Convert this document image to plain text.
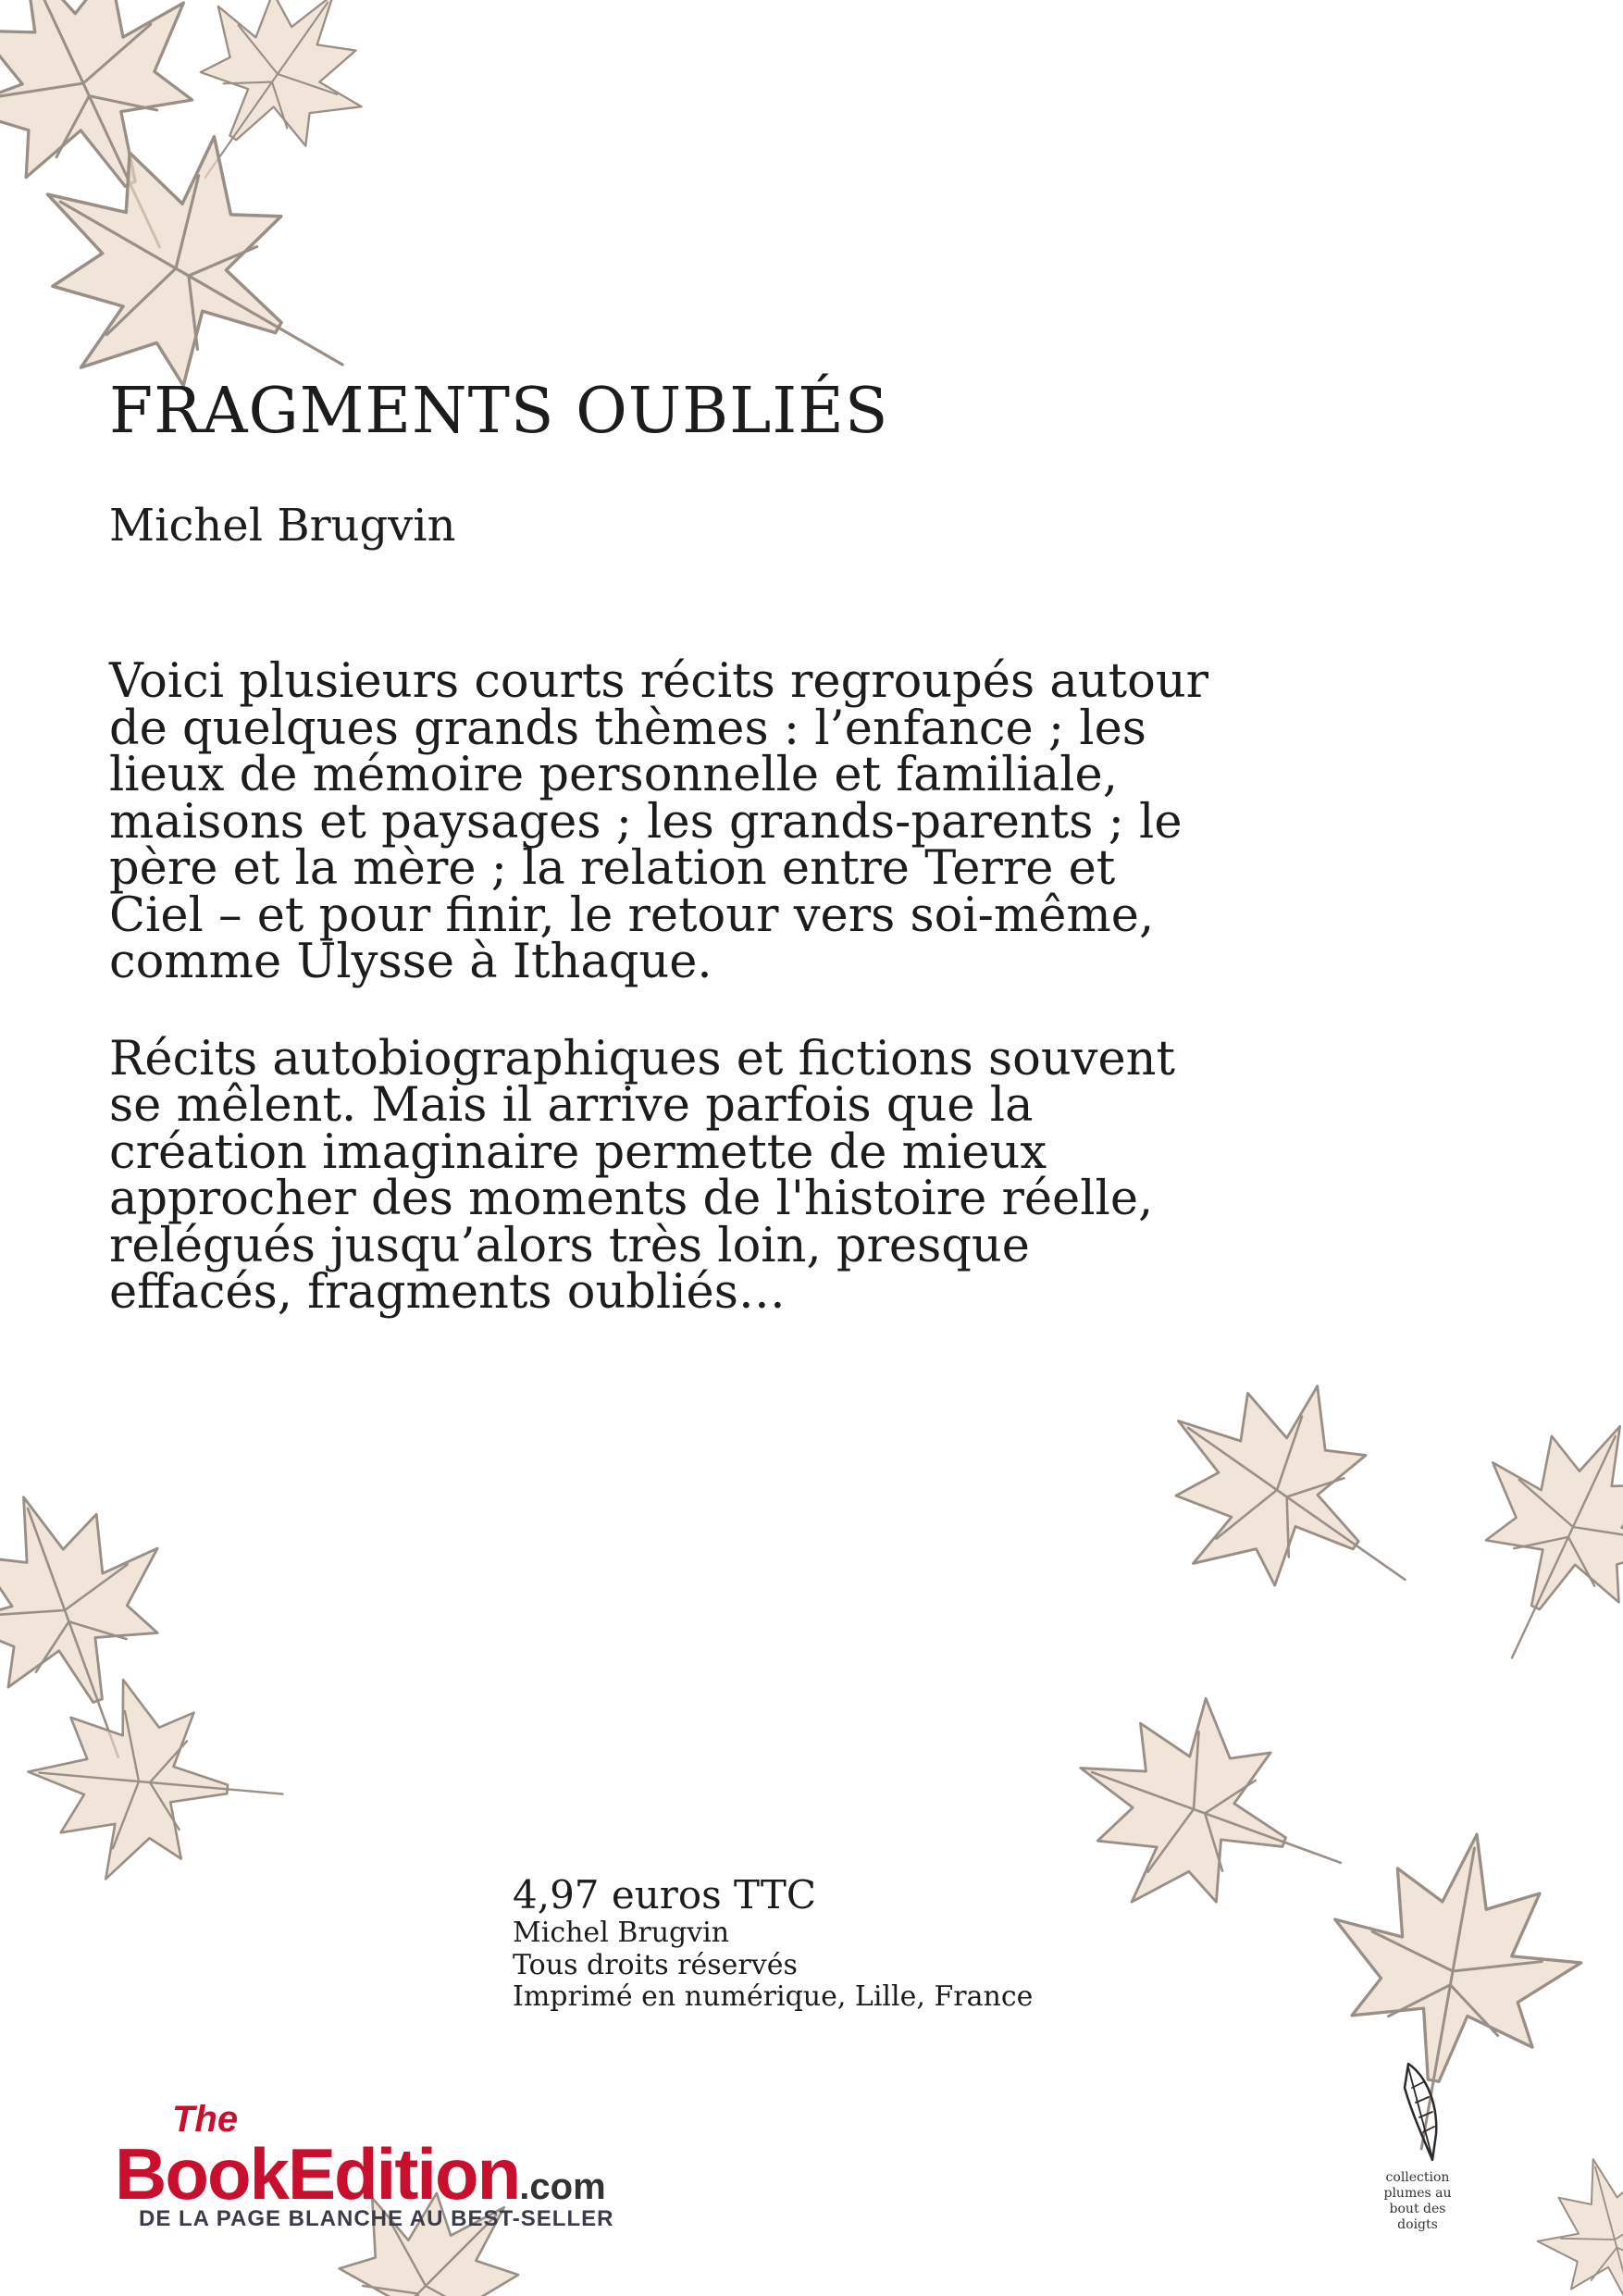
FRAGMENTS OUBLIÉS
Michel Brugvin

Voici plusieurs courts récits regroupés autour de quelques grands thèmes : l’enfance ; les lieux de mémoire personnelle et familiale, maisons et paysages ; les grands-parents ; le père et la mère ; la relation entre Terre et Ciel – et pour finir, le retour vers soi-même, comme Ulysse à Ithaque.

Récits autobiographiques et fictions souvent se mêlent. Mais il arrive parfois que la création imaginaire permette de mieux approcher des moments de l'histoire réelle, relégués jusqu’alors très loin, presque effacés, fragments oubliés…

4,97 euros TTC
Michel Brugvin
Tous droits réservés
Imprimé en numérique, Lille, France
The
BookEdition.com
DE LA PAGE BLANCHE AU BEST-SELLER
collection
plumes au
bout des
doigts
